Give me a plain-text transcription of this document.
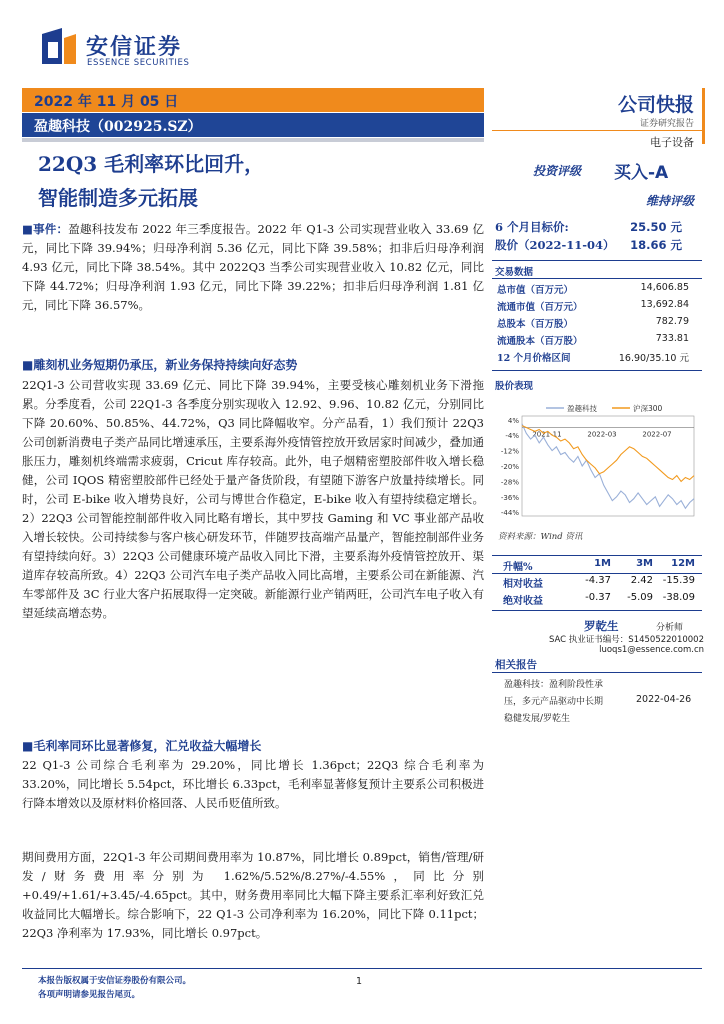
安信证券
ESSENCE SECURITIES
2022 年 11 月 05 日
盈趣科技（002925.SZ）
公司快报
证券研究报告
电子设备
22Q3 毛利率环比回升，
智能制造多元拓展
投资评级 买入-A
维持评级
6 个月目标价:	25.50 元
股价（2022-11-04）	18.66 元
交易数据
总市值（百万元）	14,606.85
流通市值（百万元）	13,692.84
总股本（百万股）	782.79
流通股本（百万股）	733.81
12 个月价格区间	16.90/35.10 元
股价表现
4%
-4%
-12%
-20%
-28%
-36%
-44%
2021-11	2022-03	2022-07
盈趣科技	沪深300
资料来源：Wind 资讯
升幅%	1M	3M	12M
相对收益	-4.37	2.42 -15.39
绝对收益	-0.37	-5.09 -38.09
罗乾生	分析师
SAC 执业证书编号：S1450522010002
luoqs1@essence.com.cn
相关报告
盈趣科技：盈利阶段性承
压，多元产品驱动中长期
稳健发展/罗乾生
2022-04-26
■事件：盈趣科技发布 2022 年三季度报告。2022 年 Q1-3 公司实现营业收入 33.69 亿元，同比下降 39.94%；归母净利润 5.36 亿元，同比下降 39.58%；扣非后归母净利润 4.93 亿元，同比下降 38.54%。其中 2022Q3 当季公司实现营业收入 10.82 亿元，同比下降 44.72%；归母净利润 1.93 亿元，同比下降 39.22%；扣非后归母净利润 1.81 亿元，同比下降 36.57%。
■雕刻机业务短期仍承压，新业务保持持续向好态势
22Q1-3 公司营收实现 33.69 亿元、同比下降 39.94%，主要受核心雕刻机业务下滑拖累。分季度看，公司 22Q1-3 各季度分别实现收入 12.92、9.96、10.82 亿元，分别同比下降 20.60%、50.85%、44.72%，Q3 同比降幅收窄。分产品看，1）我们预计 22Q3 公司创新消费电子类产品同比增速承压，主要系海外疫情管控放开致居家时间减少，叠加通胀压力，雕刻机终端需求疲弱，Cricut 库存较高。此外，电子烟精密塑胶部件收入增长稳健，公司 IQOS 精密塑胶部件已经处于量产备货阶段，有望随下游客户放量持续增长。同时，公司 E-bike 收入增势良好，公司与博世合作稳定，E-bike 收入有望持续稳定增长。2）22Q3 公司智能控制部件收入同比略有增长，其中罗技 Gaming 和 VC 事业部产品收入增长较快。公司持续参与客户核心研发环节，伴随罗技高端产品量产，智能控制部件业务有望持续向好。3）22Q3 公司健康环境产品收入同比下滑，主要系海外疫情管控放开、渠道库存较高所致。4）22Q3 公司汽车电子类产品收入同比高增，主要系公司在新能源、汽车零部件及 3C 行业大客户拓展取得一定突破。新能源行业产销两旺，公司汽车电子收入有望延续高增态势。
■毛利率同环比显著修复，汇兑收益大幅增长
22 Q1-3 公司综合毛利率为 29.20%，同比增长 1.36pct；22Q3 综合毛利率为 33.20%，同比增长 5.54pct，环比增长 6.33pct，毛利率显著修复预计主要系公司积极进行降本增效以及原材料价格回落、人民币贬值所致。
期间费用方面，22Q1-3 年公司期间费用率为 10.87%，同比增长 0.89pct，销售/管理/研发/财务费用率分别为 1.62%/5.52%/8.27%/-4.55%，同比分别+0.49/+1.61/+3.45/-4.65pct。其中，财务费用率同比大幅下降主要系汇率利好致汇兑收益同比大幅增长。综合影响下，22 Q1-3 公司净利率为 16.20%，同比下降 0.11pct；22Q3 净利率为 17.93%，同比增长 0.97pct。
本报告版权属于安信证券股份有限公司。
各项声明请参见报告尾页。
1
